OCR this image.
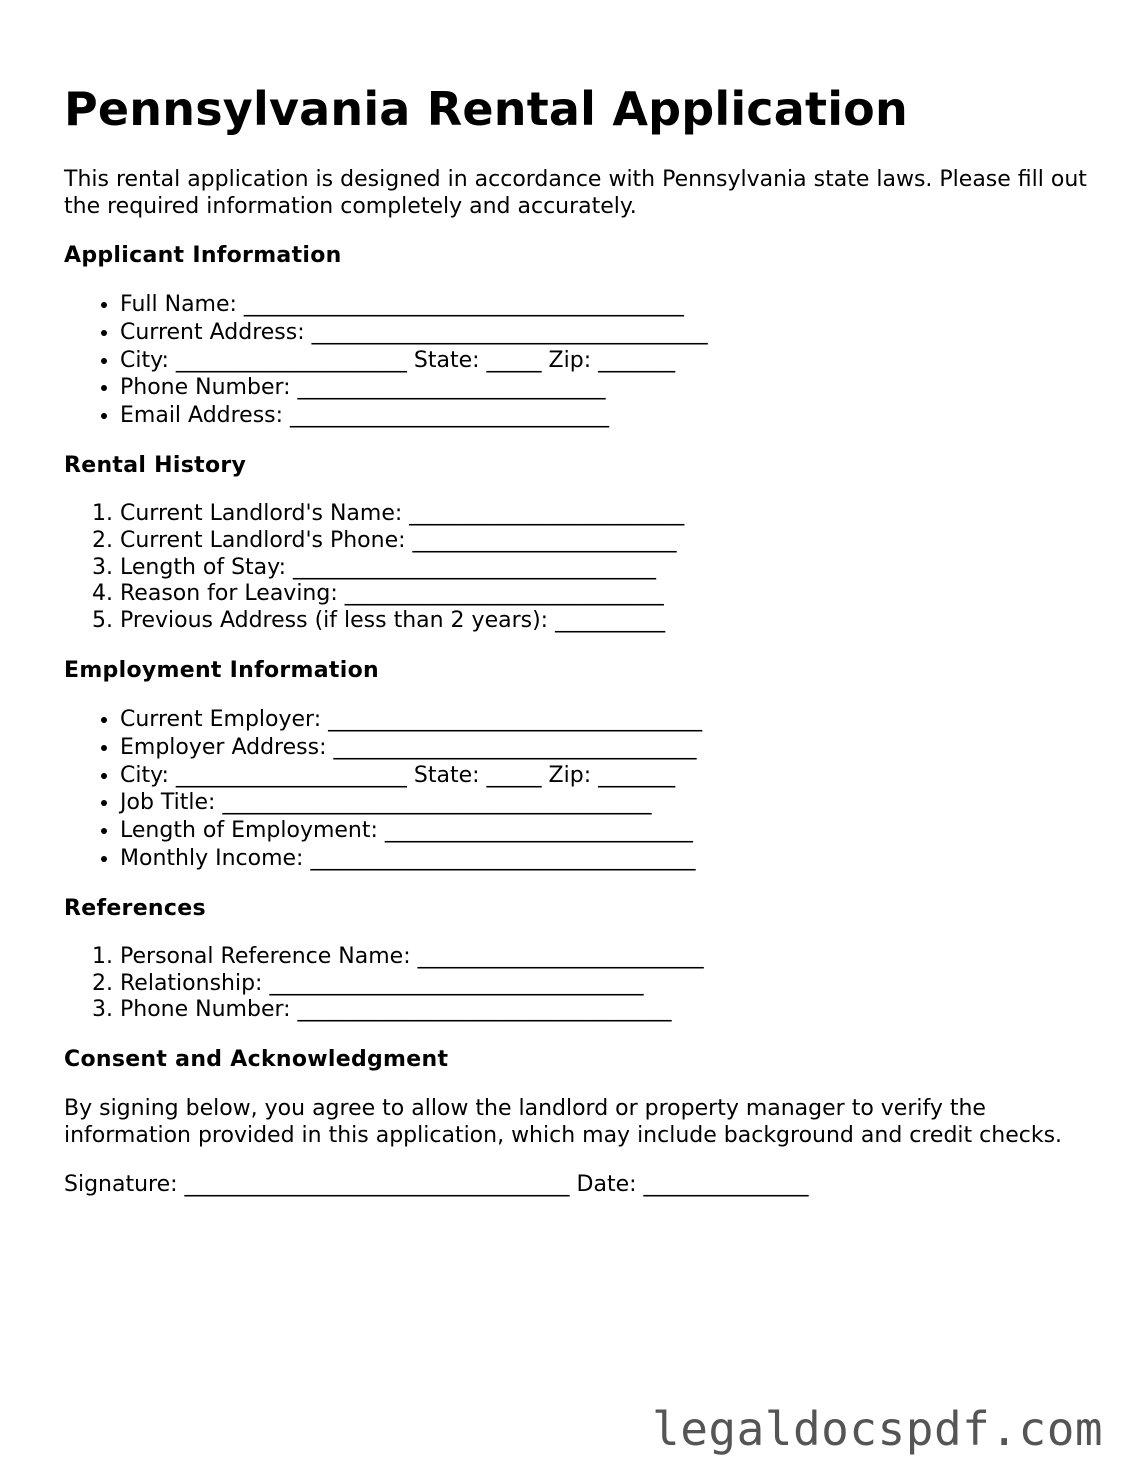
Pennsylvania Rental Application

This rental application is designed in accordance with Pennsylvania state laws. Please fill out the required information completely and accurately.

Applicant Information
• Full Name: ________________________________________
• Current Address: ____________________________________
• City: _____________________ State: _____ Zip: _______
• Phone Number: ____________________________
• Email Address: _____________________________
Rental History
1. Current Landlord's Name: _________________________
2. Current Landlord's Phone: ________________________
3. Length of Stay: _________________________________
4. Reason for Leaving: _____________________________
5. Previous Address (if less than 2 years): __________
Employment Information
• Current Employer: __________________________________
• Employer Address: _________________________________
• City: _____________________ State: _____ Zip: _______
• Job Title: _______________________________________
• Length of Employment: ____________________________
• Monthly Income: ___________________________________
References
1. Personal Reference Name: __________________________
2. Relationship: __________________________________
3. Phone Number: __________________________________
Consent and Acknowledgment

By signing below, you agree to allow the landlord or property manager to verify the information provided in this application, which may include background and credit checks.

Signature: ___________________________________ Date: _______________

legaldocspdf.com
